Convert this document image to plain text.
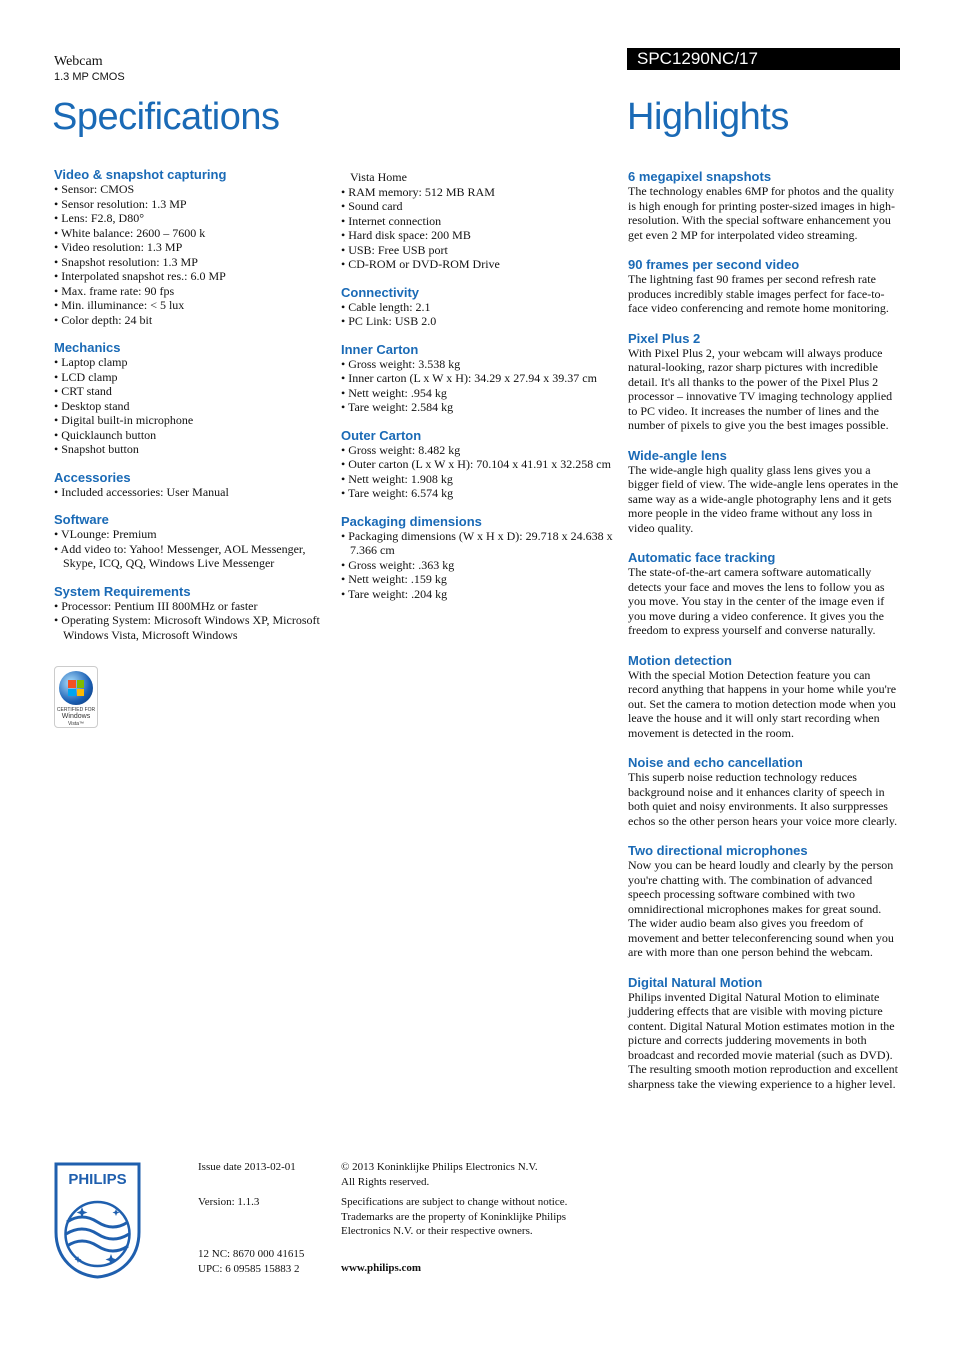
Webcam
1.3 MP CMOS
Specifications
SPC1290NC/17
Highlights
Video & snapshot capturing
• Sensor: CMOS
• Sensor resolution: 1.3 MP
• Lens: F2.8, D80°
• White balance: 2600 – 7600 k
• Video resolution: 1.3 MP
• Snapshot resolution: 1.3 MP
• Interpolated snapshot res.: 6.0 MP
• Max. frame rate: 90 fps
• Min. illuminance: < 5 lux
• Color depth: 24 bit
Mechanics
• Laptop clamp
• LCD clamp
• CRT stand
• Desktop stand
• Digital built-in microphone
• Quicklaunch button
• Snapshot button
Accessories
• Included accessories: User Manual
Software
• VLounge: Premium
• Add video to: Yahoo! Messenger, AOL Messenger, Skype, ICQ, QQ, Windows Live Messenger
System Requirements
• Processor: Pentium III 800MHz or faster
• Operating System: Microsoft Windows XP, Microsoft Windows Vista, Microsoft Windows
Vista Home
• RAM memory: 512 MB RAM
• Sound card
• Internet connection
• Hard disk space: 200 MB
• USB: Free USB port
• CD-ROM or DVD-ROM Drive
Connectivity
• Cable length: 2.1
• PC Link: USB 2.0
Inner Carton
• Gross weight: 3.538 kg
• Inner carton (L x W x H): 34.29 x 27.94 x 39.37 cm
• Nett weight: .954 kg
• Tare weight: 2.584 kg
Outer Carton
• Gross weight: 8.482 kg
• Outer carton (L x W x H): 70.104 x 41.91 x 32.258 cm
• Nett weight: 1.908 kg
• Tare weight: 6.574 kg
Packaging dimensions
• Packaging dimensions (W x H x D): 29.718 x 24.638 x 7.366 cm
• Gross weight: .363 kg
• Nett weight: .159 kg
• Tare weight: .204 kg
6 megapixel snapshots
The technology enables 6MP for photos and the quality is high enough for printing poster-sized images in high-resolution. With the special software enhancement you get even 2 MP for interpolated video streaming.
90 frames per second video
The lightning fast 90 frames per second refresh rate produces incredibly stable images perfect for face-to-face video conferencing and remote home monitoring.
Pixel Plus 2
With Pixel Plus 2, your webcam will always produce natural-looking, razor sharp pictures with incredible detail. It's all thanks to the power of the Pixel Plus 2 processor – innovative TV imaging technology applied to PC video. It increases the number of lines and the number of pixels to give you the best images possible.
Wide-angle lens
The wide-angle high quality glass lens gives you a bigger field of view. The wide-angle lens operates in the same way as a wide-angle photography lens and it gets more people in the video frame without any loss in video quality.
Automatic face tracking
The state-of-the-art camera software automatically detects your face and moves the lens to follow you as you move. You stay in the center of the image even if you move during a video conference. It gives you the freedom to express yourself and converse naturally.
Motion detection
With the special Motion Detection feature you can record anything that happens in your home while you're out. Set the camera to motion detection mode when you leave the house and it will only start recording when movement is detected in the room.
Noise and echo cancellation
This superb noise reduction technology reduces background noise and it enhances clarity of speech in both quiet and noisy environments. It also surppresses echos so the other person hears your voice more clearly.
Two directional microphones
Now you can be heard loudly and clearly by the person you're chatting with. The combination of advanced speech processing software combined with two omnidirectional microphones makes for great sound. The wider audio beam also gives you freedom of movement and better teleconferencing sound when you are with more than one person behind the webcam.
Digital Natural Motion
Philips invented Digital Natural Motion to eliminate juddering effects that are visible with moving picture content. Digital Natural Motion estimates motion in the picture and corrects juddering movements in both broadcast and recorded movie material (such as DVD). The resulting smooth motion reproduction and excellent sharpness take the viewing experience to a higher level.
CERTIFIED FOR
Windows
Vista™
PHILIPS
Issue date 2013-02-01
Version: 1.1.3
12 NC: 8670 000 41615
UPC: 6 09585 15883 2
© 2013 Koninklijke Philips Electronics N.V.
All Rights reserved.
Specifications are subject to change without notice. Trademarks are the property of Koninklijke Philips Electronics N.V. or their respective owners.
www.philips.com
